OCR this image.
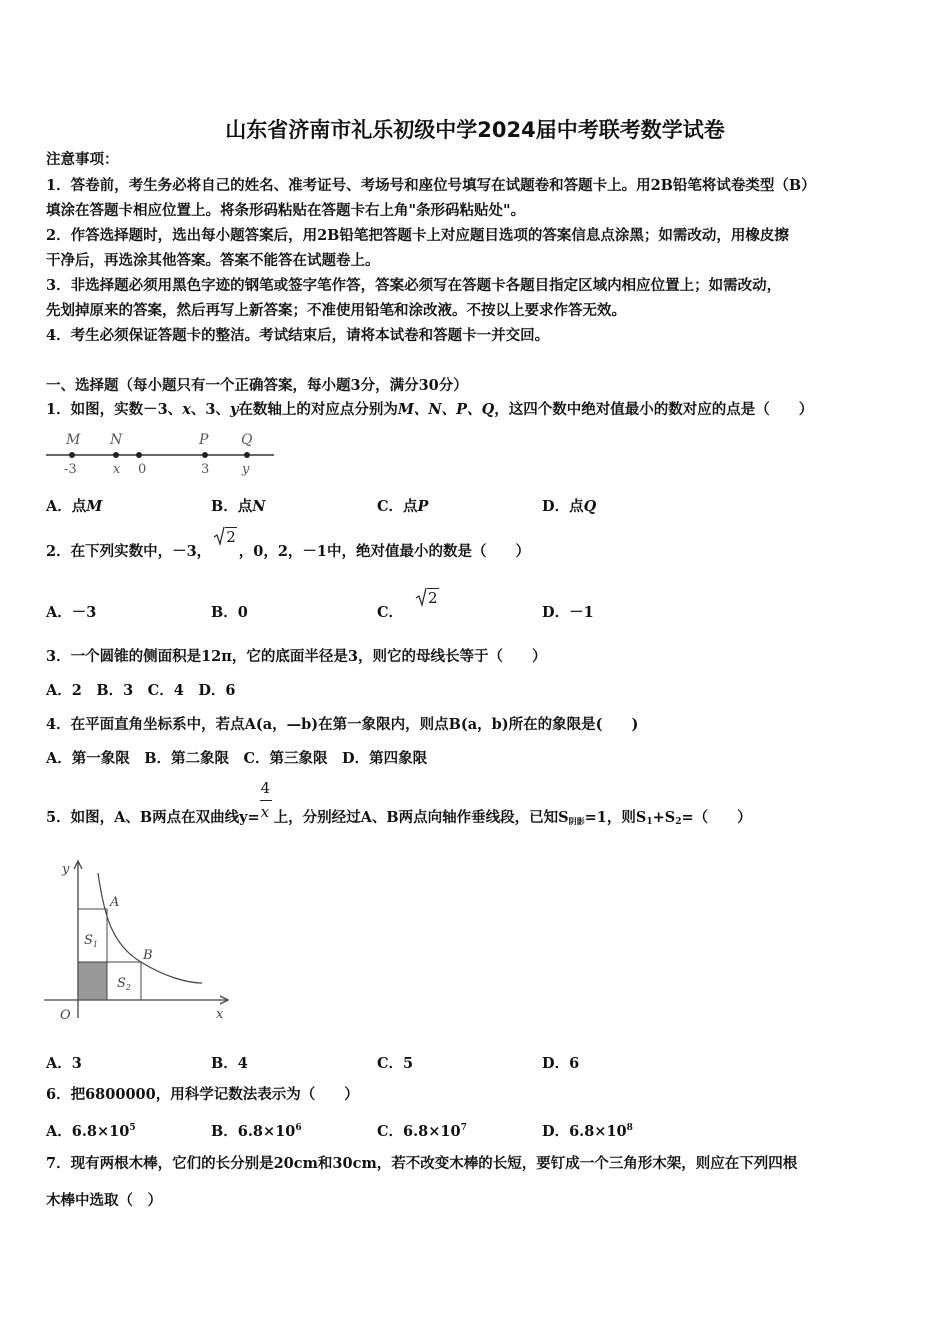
山东省济南市礼乐初级中学2024届中考联考数学试卷
注意事项：
1．答卷前，考生务必将自己的姓名、准考证号、考场号和座位号填写在试题卷和答题卡上。用2B铅笔将试卷类型（B）
填涂在答题卡相应位置上。将条形码粘贴在答题卡右上角"条形码粘贴处"。
2．作答选择题时，选出每小题答案后，用2B铅笔把答题卡上对应题目选项的答案信息点涂黑；如需改动，用橡皮擦
干净后，再选涂其他答案。答案不能答在试题卷上。
3．非选择题必须用黑色字迹的钢笔或签字笔作答，答案必须写在答题卡各题目指定区域内相应位置上；如需改动，
先划掉原来的答案，然后再写上新答案；不准使用铅笔和涂改液。不按以上要求作答无效。
4．考生必须保证答题卡的整洁。考试结束后，请将本试卷和答题卡一并交回。
一、选择题（每小题只有一个正确答案，每小题3分，满分30分）
1．如图，实数－3、x、3、y在数轴上的对应点分别为M、N、P、Q，这四个数中绝对值最小的数对应的点是（　　）
M N	P Q
-3	x 0	3	y
A．点M	B．点N	C．点P	D．点Q
2．在下列实数中，－3，2，0，2，－1中，绝对值最小的数是（　　）
A．－3	B．0	C．2
D．－1
3．一个圆锥的侧面积是12π，它的底面半径是3，则它的母线长等于（　　）
A．2　B．3　C．4　D．6
4．在平面直角坐标系中，若点A(a，—b)在第一象限内，则点B(a，b)所在的象限是(　　)
A．第一象限　B．第二象限　C．第三象限　D．第四象限
5．如图，A、B两点在双曲线$y= \frac{4}{x}$ 上，分别经过A、B两点向轴作垂线段，已知$S_{阴影}=1$，则$S_1+S_2=$（　　）
y
x
O
A
B
$S_1$
$S_2$
A．3	B．4	C．5	D．6
6．把6800000，用科学记数法表示为（　　）
A．$6.8\times 10^5$	B．$6.8\times 10^6$	C．$6.8\times 10^7$	D．$6.8\times 10^8$
7．现有两根木棒，它们的长分别是20cm和30cm，若不改变木棒的长短，要钉成一个三角形木架，则应在下列四根
木棒中选取（　）
